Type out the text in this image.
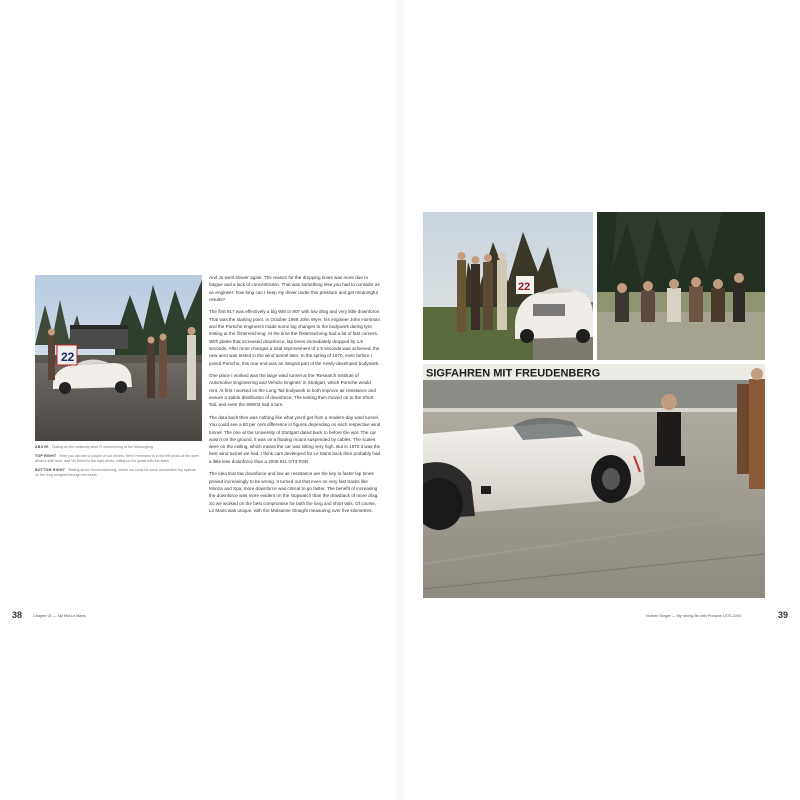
22

ABOVE Testing on the relatively short Ö sterreichring at the Nürburgring.

TOP RIGHT Here you can see a couple of our drivers: there Herrmann is in the left photo at the open driver's side door, and Vic Elford in the right photo, sitting on the grass with the team.

BOTTOM RIGHT Testing at the Hockenheimring, where we could hit some remarkable top speeds on the long straights through the forest.

And Jo went slower again. The reason for the dropping times was more due to fatigue and a lack of concentration. That was something else you had to consider as an engineer: how long can I keep my driver under this pressure and get meaningful results?

The first 917 was effectively a big 908 or 907 with low drag and very little downforce. That was the starting point. In October 1969 John Wyer, his engineer John Horsman and the Porsche engineers made some big changes to the bodywork during tyre testing at the Österreichring. At the time the Österreichring had a lot of fast corners. With plates that increased downforce, lap times immediately dropped by 1.5 seconds. After more changes a total improvement of 2.5 seconds was achieved, the new aero was tested in the wind tunnel later. In the spring of 1970, even before I joined Porsche, this rear end was an integral part of the newly-developed bodywork.

One place I worked was the large wind tunnel at the 'Research Institute of Automotive Engineering and Vehicle Engines' in Stuttgart, which Porsche would rent. At first I worked on the Long Tail bodywork to both improve air resistance and ensure a stable distribution of downforce. The testing then moved on to the Short Tail, and even the 908/03 had a turn.

The data back then was nothing like what you'd get from a modern-day wind tunnel. You could see a 60 per cent difference in figures depending on each respective wind tunnel. The one at the University of Stuttgart dated back to before the war. The car wasn't on the ground, it was on a floating mount suspended by cables. The scales were on the ceiling, which meant the car was sitting very high. But in 1970 it was the best wind tunnel we had. I think cars developed for Le Mans back then probably had a little less downforce than a 2005 911 GT3 RSR.

The idea that low downforce and low air resistance are the key to faster lap times proved increasingly to be wrong. It turned out that even on very fast tracks like Monza and Spa, more downforce was critical to go faster. The benefit of increasing the downforce was more evident on the stopwatch than the drawback of more drag. So we worked on the best compromise for both the long and short tails. Of course, Le Mans was unique, with the Mulsanne Straight measuring over five kilometres.

38	Chapter 01 — My first Le Mans
22
SIGFAHREN MIT FREUDENBERG
Norbert Singer — My racing life with Porsche 1970-2004	39
